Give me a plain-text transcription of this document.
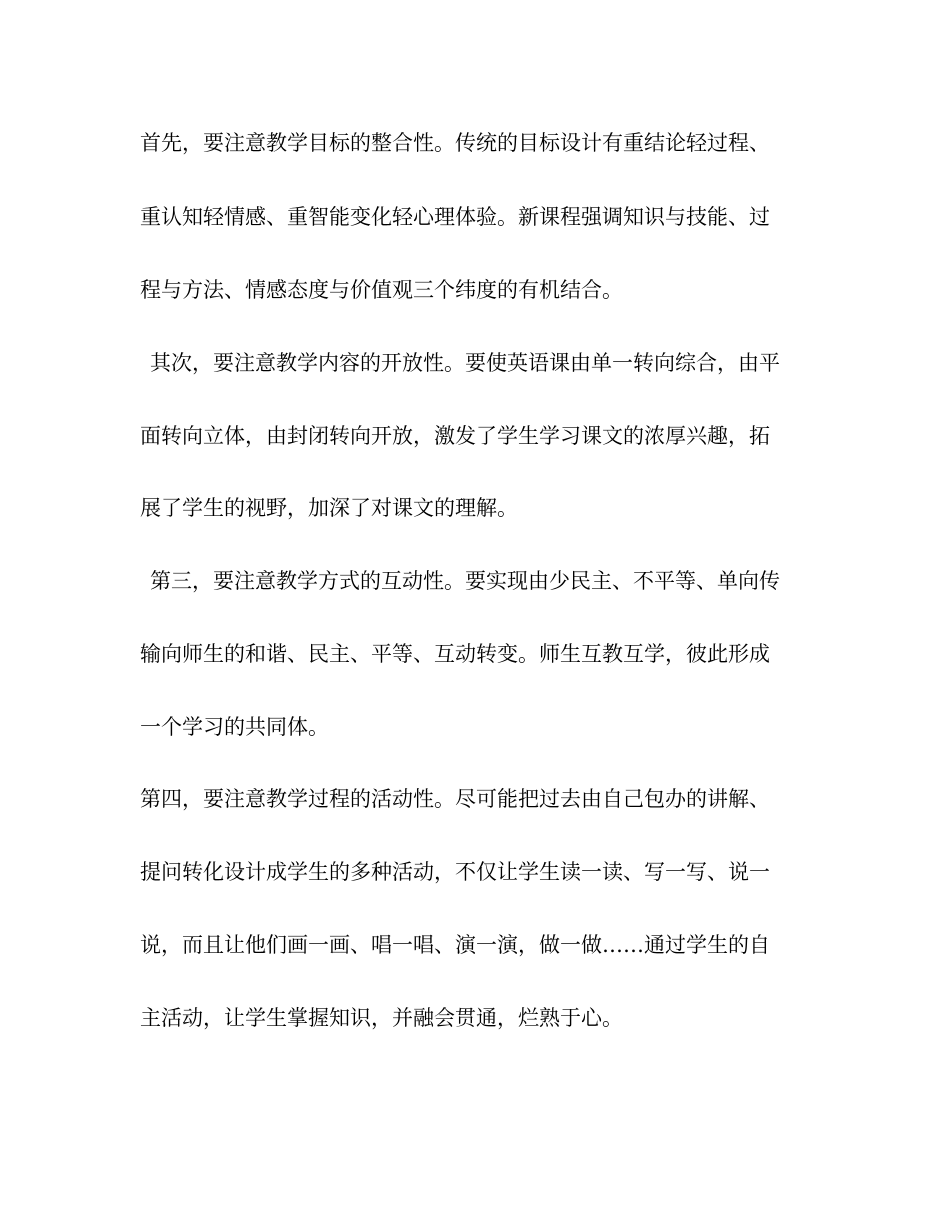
首先，要注意教学目标的整合性。传统的目标设计有重结论轻过程、
重认知轻情感、重智能变化轻心理体验。新课程强调知识与技能、过
程与方法、情感态度与价值观三个纬度的有机结合。
其次，要注意教学内容的开放性。要使英语课由单一转向综合，由平
面转向立体，由封闭转向开放，激发了学生学习课文的浓厚兴趣，拓
展了学生的视野，加深了对课文的理解。
第三，要注意教学方式的互动性。要实现由少民主、不平等、单向传
输向师生的和谐、民主、平等、互动转变。师生互教互学，彼此形成
一个学习的共同体。
第四，要注意教学过程的活动性。尽可能把过去由自己包办的讲解、
提问转化设计成学生的多种活动，不仅让学生读一读、写一写、说一
说，而且让他们画一画、唱一唱、演一演，做一做……通过学生的自
主活动，让学生掌握知识，并融会贯通，烂熟于心。
